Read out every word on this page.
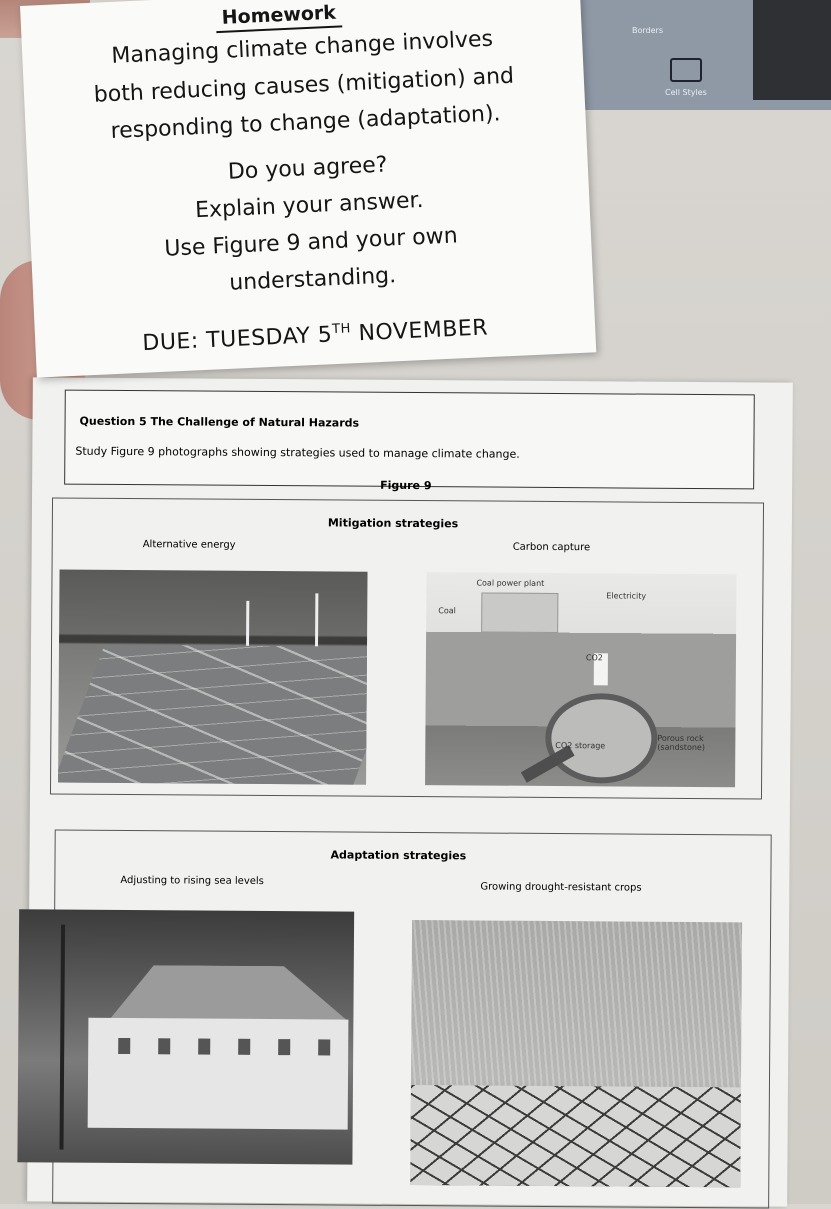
Borders
Cell Styles
Question 5 The Challenge of Natural Hazards
Study Figure 9 photographs showing strategies used to manage climate change.
Figure 9
Mitigation strategies
Alternative energy	Carbon capture
Coal power plant
Coal
Electricity
CO2
CO2 storage
Porous rock (sandstone)
Adaptation strategies
Adjusting to rising sea levels
Growing drought-resistant crops
Homework
Managing climate change involves
both reducing causes (mitigation) and
responding to change (adaptation).
Do you agree?
Explain your answer.
Use Figure 9 and your own
understanding.
DUE: TUESDAY 5TH NOVEMBER
